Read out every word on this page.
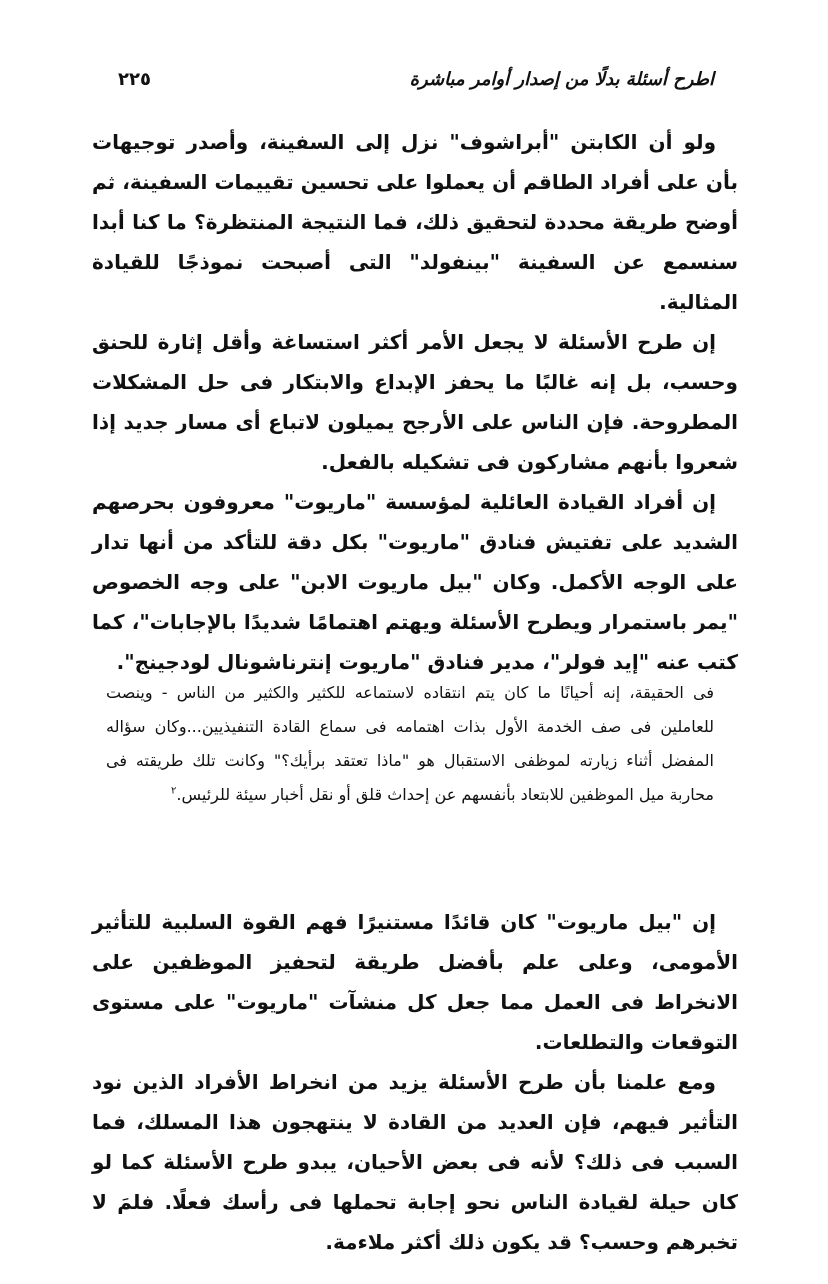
اطرح أسئلة بدلًا من إصدار أوامر مباشرة
٢٢٥

ولو أن الكابتن "أبراشوف" نزل إلى السفينة، وأصدر توجيهات بأن على أفراد الطاقم أن يعملوا على تحسين تقييمات السفينة، ثم أوضح طريقة محددة لتحقيق ذلك، فما النتيجة المنتظرة؟ ما كنا أبدا سنسمع عن السفينة "بينفولد" التى أصبحت نموذجًا للقيادة المثالية.

إن طرح الأسئلة لا يجعل الأمر أكثر استساغة وأقل إثارة للحنق وحسب، بل إنه غالبًا ما يحفز الإبداع والابتكار فى حل المشكلات المطروحة. فإن الناس على الأرجح يميلون لاتباع أى مسار جديد إذا شعروا بأنهم مشاركون فى تشكيله بالفعل.

إن أفراد القيادة العائلية لمؤسسة "ماريوت" معروفون بحرصهم الشديد على تفتيش فنادق "ماريوت" بكل دقة للتأكد من أنها تدار على الوجه الأكمل. وكان "بيل ماريوت الابن" على وجه الخصوص "يمر باستمرار ويطرح الأسئلة ويهتم اهتمامًا شديدًا بالإجابات"، كما كتب عنه "إيد فولر"، مدير فنادق "ماريوت إنترناشونال لودجينج".

فى الحقيقة، إنه أحيانًا ما كان يتم انتقاده لاستماعه للكثير والكثير من الناس - وينصت للعاملين فى صف الخدمة الأول بذات اهتمامه فى سماع القادة التنفيذيين...وكان سؤاله المفضل أثناء زيارته لموظفى الاستقبال هو "ماذا تعتقد برأيك؟" وكانت تلك طريقته فى محاربة ميل الموظفين للابتعاد بأنفسهم عن إحداث قلق أو نقل أخبار سيئة للرئيس.$^٢$

إن "بيل ماريوت" كان قائدًا مستنيرًا فهم القوة السلبية للتأثير الأمومى، وعلى علم بأفضل طريقة لتحفيز الموظفين على الانخراط فى العمل مما جعل كل منشآت "ماريوت" على مستوى التوقعات والتطلعات.

ومع علمنا بأن طرح الأسئلة يزيد من انخراط الأفراد الذين نود التأثير فيهم، فإن العديد من القادة لا ينتهجون هذا المسلك، فما السبب فى ذلك؟ لأنه فى بعض الأحيان، يبدو طرح الأسئلة كما لو كان حيلة لقيادة الناس نحو إجابة تحملها فى رأسك فعلًا. فلمَ لا تخبرهم وحسب؟ قد يكون ذلك أكثر ملاءمة.
